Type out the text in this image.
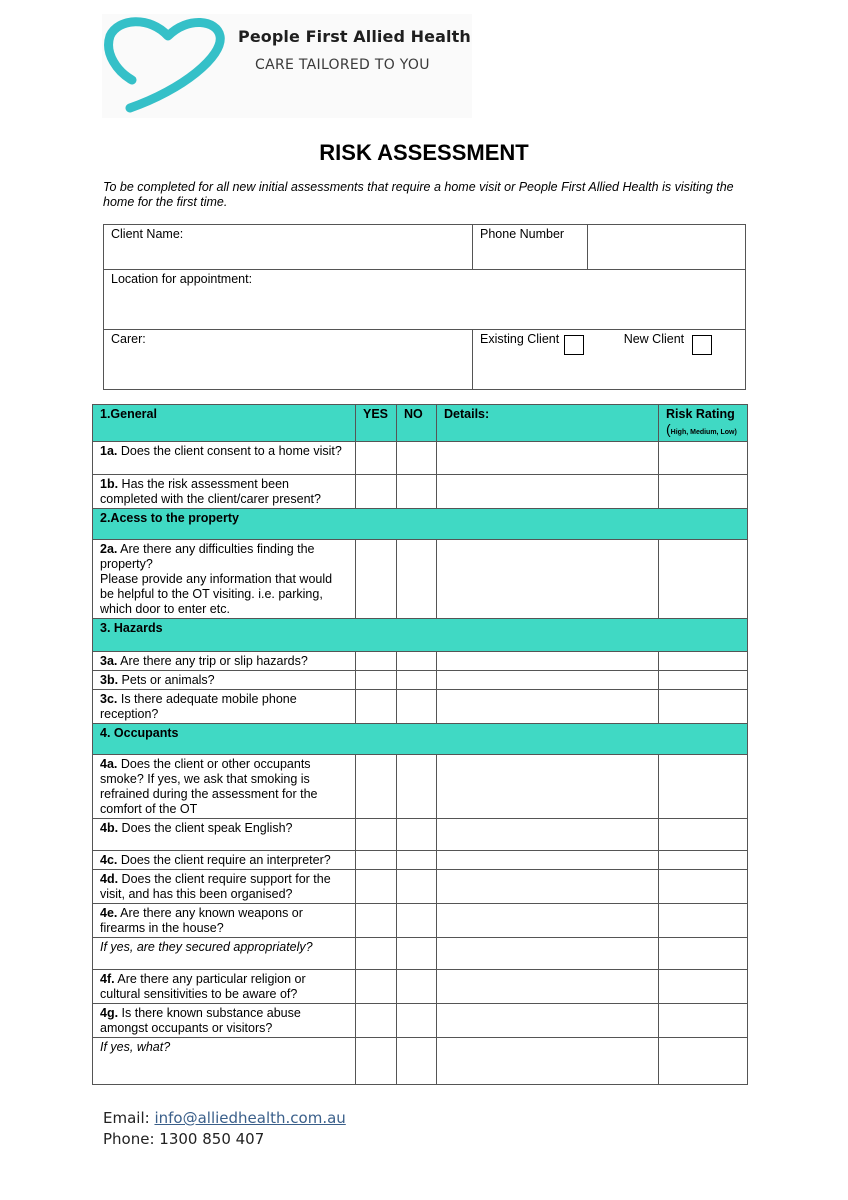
People First Allied Health
CARE TAILORED TO YOU
RISK ASSESSMENT
To be completed for all new initial assessments that require a home visit or People First Allied Health is visiting the home for the first time.
Client Name:	Phone Number	
Location for appointment:		
Carer:	Existing Client New Client	
1.General	YES	NO	Details:	Risk Rating
(High, Medium, Low)
1a. Does the client consent to a home visit?				
1b. Has the risk assessment been completed with the client/carer present?				
2.Acess to the property				
2a. Are there any difficulties finding the property?
Please provide any information that would be helpful to the OT visiting. i.e. parking, which door to enter etc.				
3. Hazards				
3a. Are there any trip or slip hazards?				
3b. Pets or animals?				
3c. Is there adequate mobile phone reception?				
4. Occupants				
4a. Does the client or other occupants smoke? If yes, we ask that smoking is refrained during the assessment for the comfort of the OT				
4b. Does the client speak English?				
4c. Does the client require an interpreter?				
4d. Does the client require support for the visit, and has this been organised?				
4e. Are there any known weapons or firearms in the house?				
If yes, are they secured appropriately?				
4f. Are there any particular religion or cultural sensitivities to be aware of?				
4g. Is there known substance abuse amongst occupants or visitors?				
If yes, what?				
Email: info@alliedhealth.com.au
Phone: 1300 850 407
